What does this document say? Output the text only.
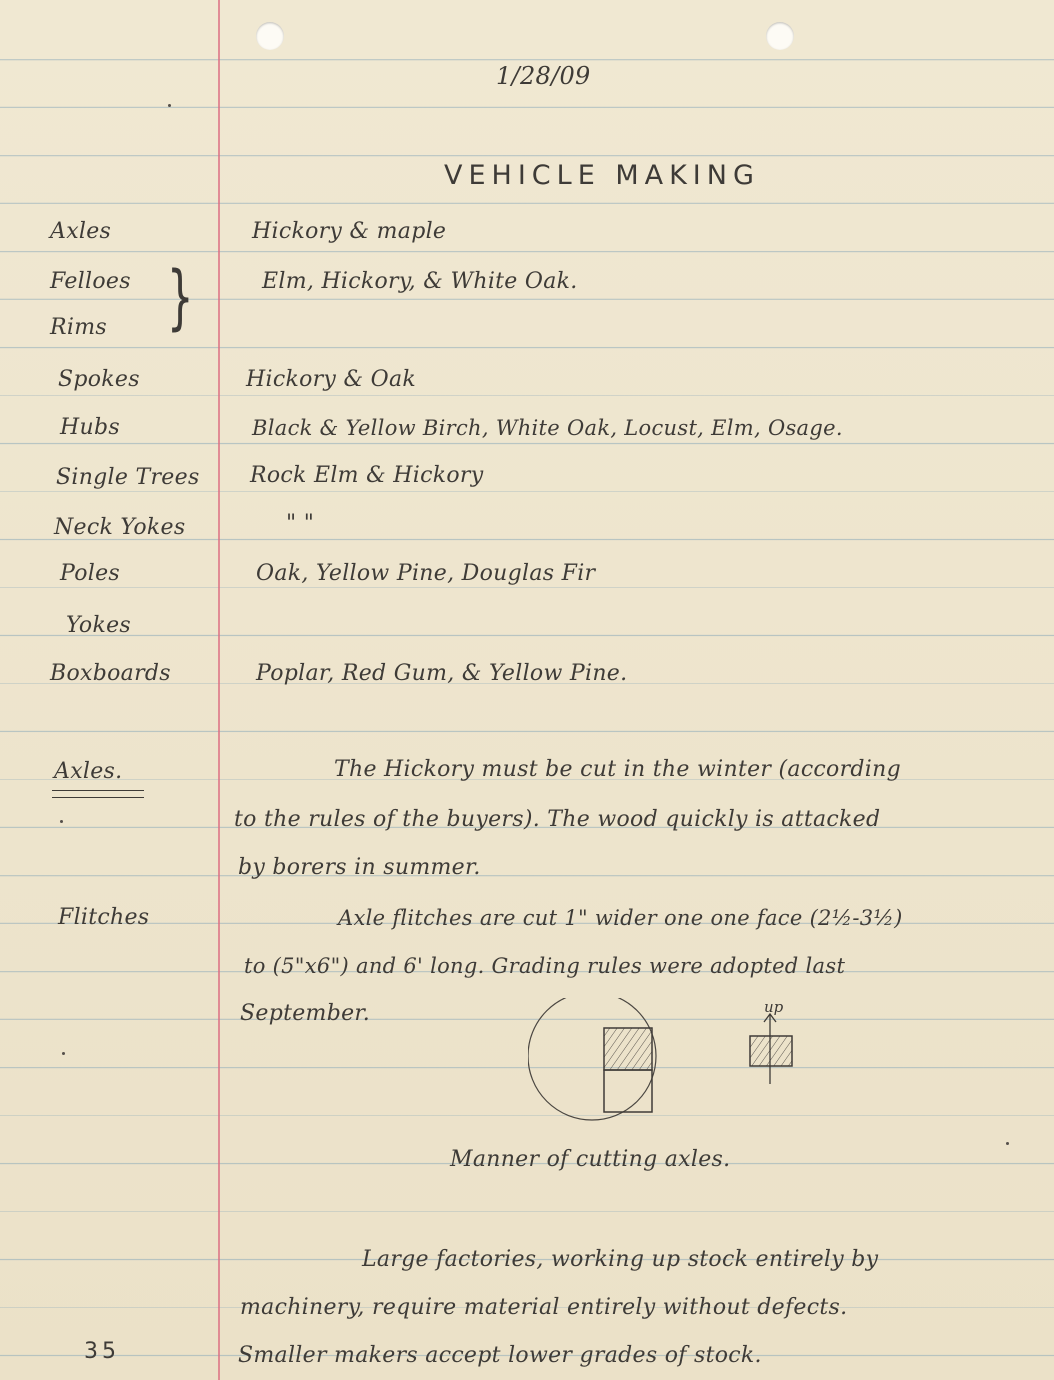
1/28/09
VEHICLE MAKING
Axles	Hickory & maple
Felloes	Elm, Hickory, & White Oak.
Rims }
Spokes	Hickory & Oak
Hubs	Black & Yellow Birch, White Oak, Locust, Elm, Osage.
Single Trees	Rock Elm & Hickory
Neck Yokes	" "
Poles	Oak, Yellow Pine, Douglas Fir
Yokes
Boxboards	Poplar, Red Gum, & Yellow Pine.
Axles.	The Hickory must be cut in the winter (according
to the rules of the buyers). The wood quickly is attacked
by borers in summer.
Flitches	Axle flitches are cut 1" wider one one face (2½-3½)
to (5"x6") and 6' long. Grading rules were adopted last
September.	up
Manner of cutting axles.
Large factories, working up stock entirely by
machinery, require material entirely without defects.
Smaller makers accept lower grades of stock.
35
